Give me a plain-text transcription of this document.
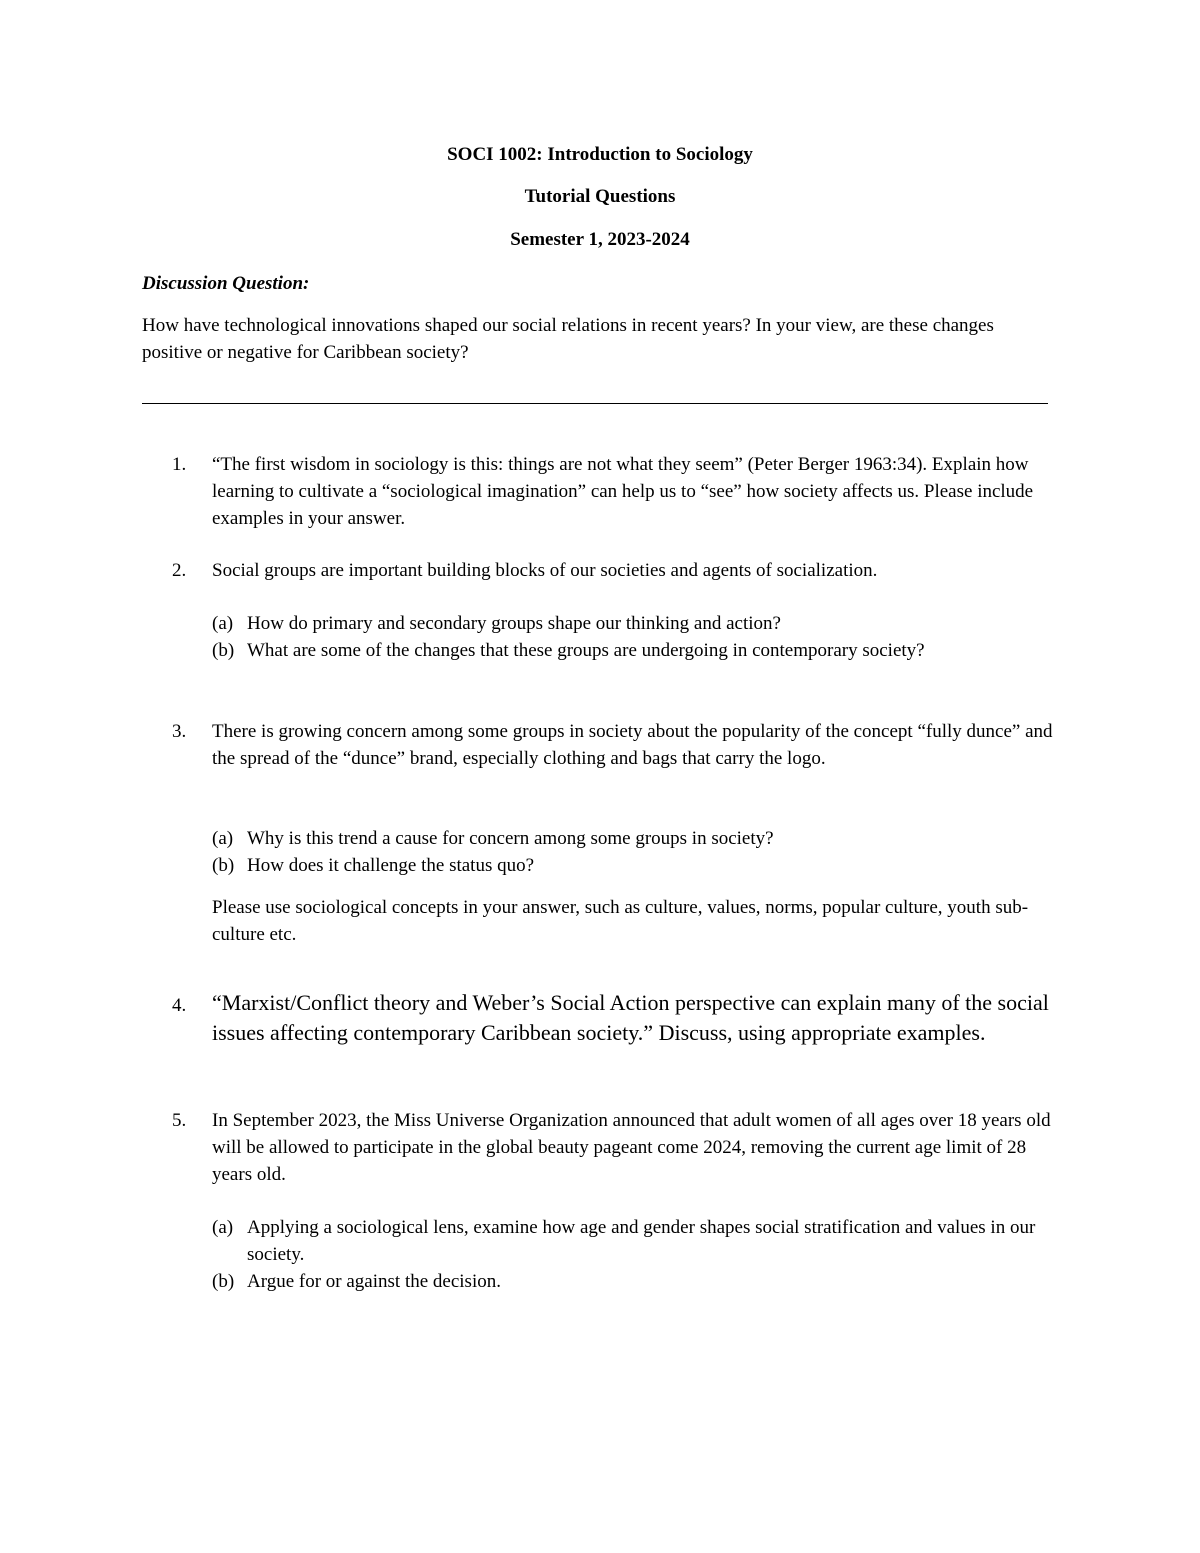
SOCI 1002: Introduction to Sociology
Tutorial Questions
Semester 1, 2023-2024
Discussion Question:
How have technological innovations shaped our social relations in recent years? In your view, are these changes positive or negative for Caribbean society?
1.	“The first wisdom in sociology is this: things are not what they seem” (Peter Berger 1963:34). Explain how learning to cultivate a “sociological imagination” can help us to “see” how society affects us. Please include examples in your answer.
2.	Social groups are important building blocks of our societies and agents of socialization.
(a) How do primary and secondary groups shape our thinking and action?
(b) What are some of the changes that these groups are undergoing in contemporary society?
3.	There is growing concern among some groups in society about the popularity of the concept “fully dunce” and the spread of the “dunce” brand, especially clothing and bags that carry the logo.
(a) Why is this trend a cause for concern among some groups in society?
(b) How does it challenge the status quo?
Please use sociological concepts in your answer, such as culture, values, norms, popular culture, youth sub-culture etc.
4.	“Marxist/Conflict theory and Weber’s Social Action perspective can explain many of the social issues affecting contemporary Caribbean society.” Discuss, using appropriate examples.
5.	In September 2023, the Miss Universe Organization announced that adult women of all ages over 18 years old will be allowed to participate in the global beauty pageant come 2024, removing the current age limit of 28 years old.
(a) Applying a sociological lens, examine how age and gender shapes social stratification and values in our society.
(b) Argue for or against the decision.
